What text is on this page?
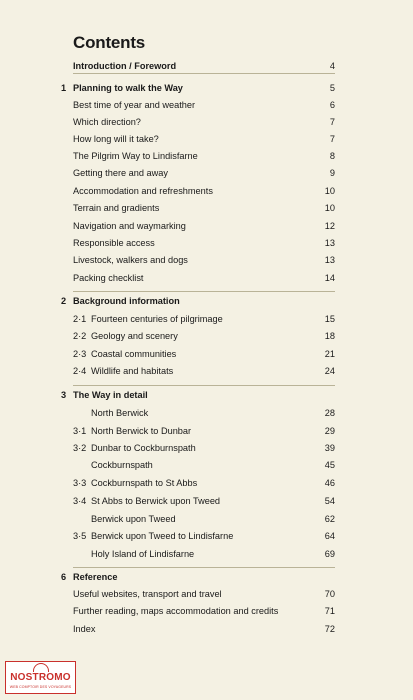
Contents
Introduction / Foreword	4
1 Planning to walk the Way	5
Best time of year and weather	6
Which direction?	7
How long will it take?	7
The Pilgrim Way to Lindisfarne	8
Getting there and away	9
Accommodation and refreshments	10
Terrain and gradients	10
Navigation and waymarking	12
Responsible access	13
Livestock, walkers and dogs	13
Packing checklist	14
2 Background information
2·1 Fourteen centuries of pilgrimage	15
2·2 Geology and scenery	18
2·3 Coastal communities	21
2·4 Wildlife and habitats	24
3 The Way in detail
North Berwick	28
3·1 North Berwick to Dunbar	29
3·2 Dunbar to Cockburnspath	39
Cockburnspath	45
3·3 Cockburnspath to St Abbs	46
3·4 St Abbs to Berwick upon Tweed	54
Berwick upon Tweed	62
3·5 Berwick upon Tweed to Lindisfarne	64
Holy Island of Lindisfarne	69
6 Reference
Useful websites, transport and travel	70
Further reading, maps accommodation and credits	71
Index	72
NOSTROMO
WEB COMPTOIR DES VOYAGEURS
